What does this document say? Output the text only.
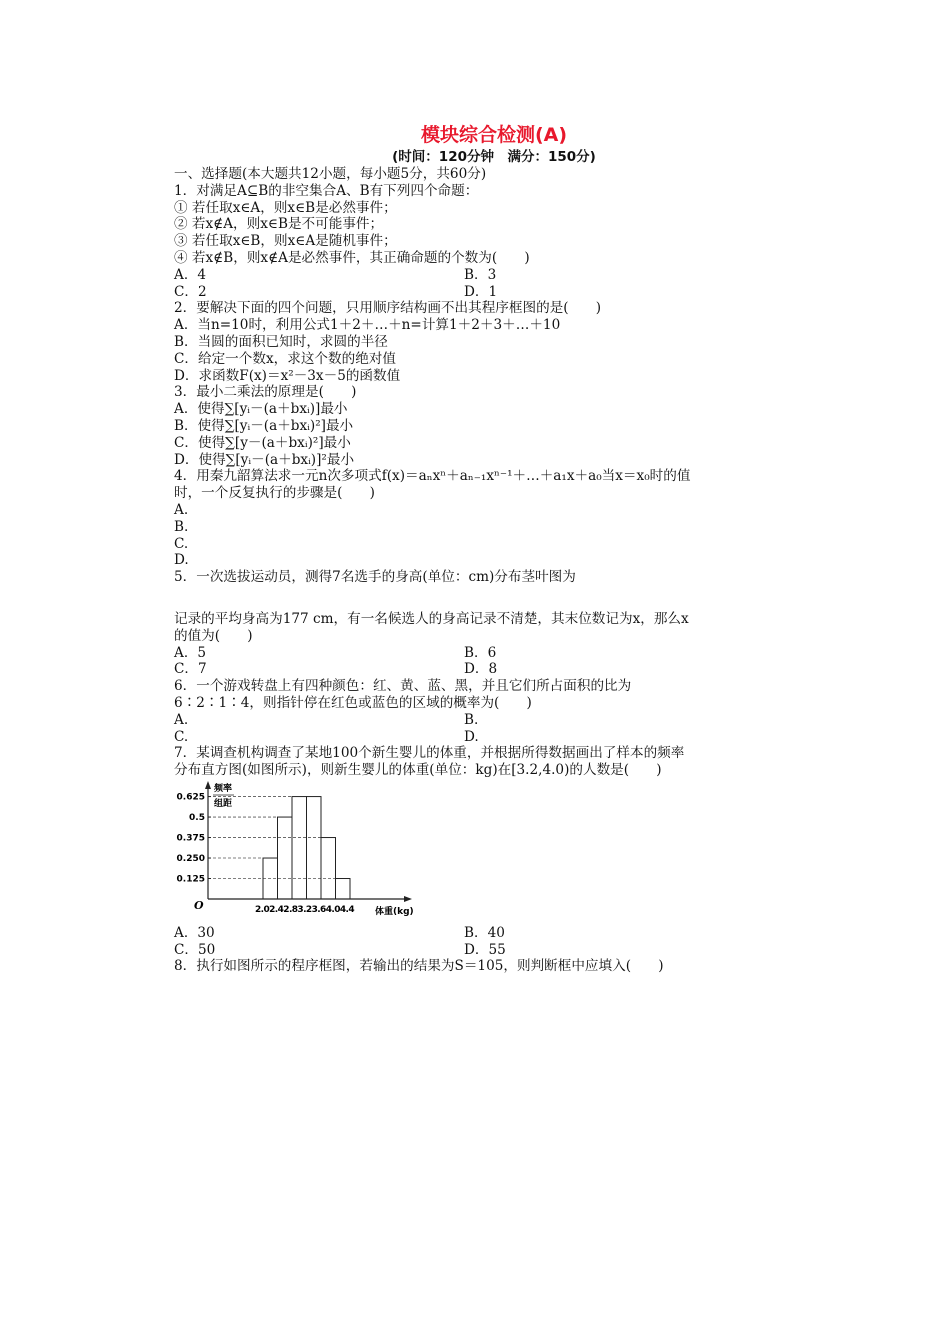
模块综合检测(A)
(时间：120分钟　满分：150分)
一、选择题(本大题共12小题，每小题5分，共60分)
1．对满足A⊆B的非空集合A、B有下列四个命题：
① 若任取x∈A，则x∈B是必然事件；
② 若x∉A，则x∈B是不可能事件；
③ 若任取x∈B，则x∈A是随机事件；
④ 若x∉B，则x∉A是必然事件，其正确命题的个数为(　　)
A．4	B．3
C．2	D．1
2．要解决下面的四个问题，只用顺序结构画不出其程序框图的是(　　)
A．当n=10时，利用公式1＋2＋…＋n=计算1＋2＋3＋…＋10
B．当圆的面积已知时，求圆的半径
C．给定一个数x，求这个数的绝对值
D．求函数F(x)＝x²－3x－5的函数值
3．最小二乘法的原理是(　　)
A．使得∑[yᵢ－(a＋bxᵢ)]最小
B．使得∑[yᵢ－(a＋bxᵢ)²]最小
C．使得∑[y－(a＋bxᵢ)²]最小
D．使得∑[yᵢ－(a＋bxᵢ)]²最小
4．用秦九韶算法求一元n次多项式f(x)＝aₙxⁿ＋aₙ₋₁xⁿ⁻¹＋…＋a₁x＋a₀当x＝x₀时的值
时，一个反复执行的步骤是(　　)
A.
B.
C.
D.
5．一次选拔运动员，测得7名选手的身高(单位：cm)分布茎叶图为
记录的平均身高为177 cm，有一名候选人的身高记录不清楚，其末位数记为x，那么x
的值为(　　)
A．5	B．6
C．7	D．8
6．一个游戏转盘上有四种颜色：红、黄、蓝、黑，并且它们所占面积的比为
6∶2∶1∶4，则指针停在红色或蓝色的区域的概率为(　　)
A.	B.
C.	D.
7．某调查机构调查了某地100个新生婴儿的体重，并根据所得数据画出了样本的频率
分布直方图(如图所示)，则新生婴儿的体重(单位：kg)在[3.2,4.0)的人数是(　　)
频率
组距
O	2.02.42.83.23.64.04.4 体重(kg)
0.125
0.250
0.375
0.5
0.625
A．30	B．40
C．50	D．55
8．执行如图所示的程序框图，若输出的结果为S＝105，则判断框中应填入(　　)
